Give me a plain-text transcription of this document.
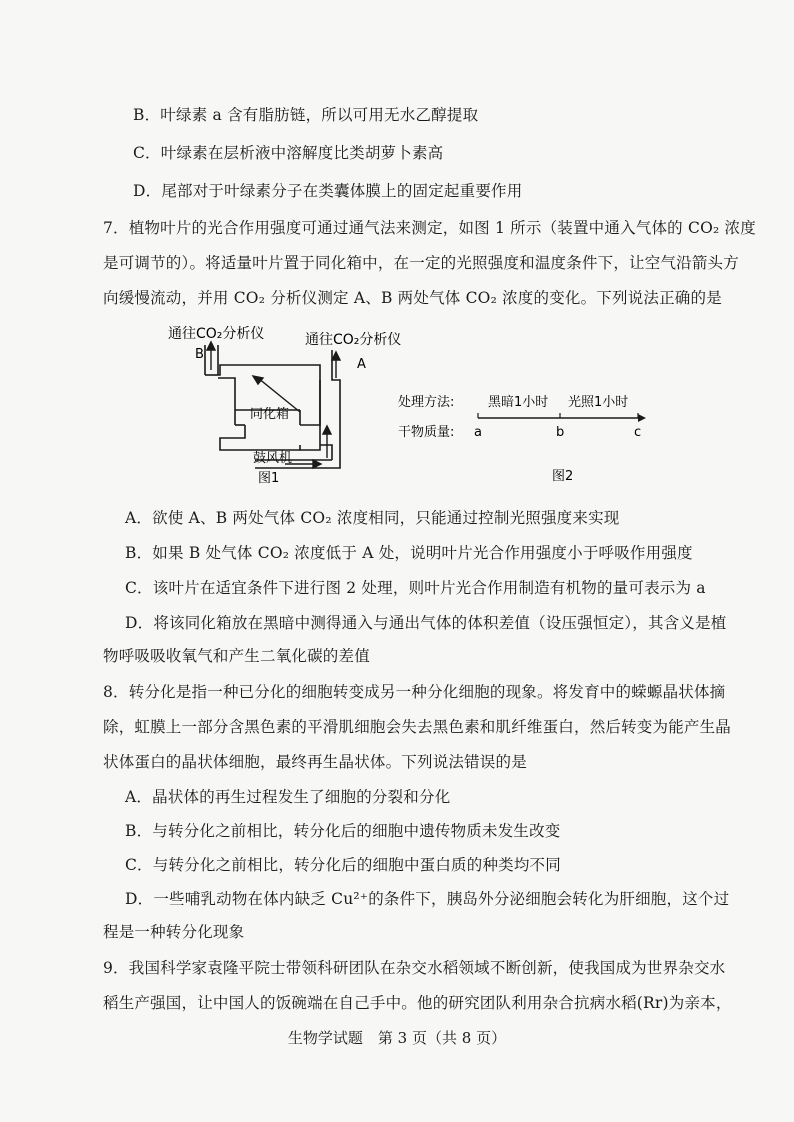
B．叶绿素 a 含有脂肪链，所以可用无水乙醇提取
C．叶绿素在层析液中溶解度比类胡萝卜素高
D．尾部对于叶绿素分子在类囊体膜上的固定起重要作用
7．植物叶片的光合作用强度可通过通气法来测定，如图 1 所示（装置中通入气体的 CO₂ 浓度
是可调节的）。将适量叶片置于同化箱中，在一定的光照强度和温度条件下，让空气沿箭头方
向缓慢流动，并用 CO₂ 分析仪测定 A、B 两处气体 CO₂ 浓度的变化。下列说法正确的是
通往CO₂分析仪	通往CO₂分析仪
B
A
同化箱
鼓风机
图1
处理方法:	黑暗1小时 光照1小时
干物质量: a	b	c
图2
A．欲使 A、B 两处气体 CO₂ 浓度相同，只能通过控制光照强度来实现
B．如果 B 处气体 CO₂ 浓度低于 A 处，说明叶片光合作用强度小于呼吸作用强度
C．该叶片在适宜条件下进行图 2 处理，则叶片光合作用制造有机物的量可表示为 a
D．将该同化箱放在黑暗中测得通入与通出气体的体积差值（设压强恒定），其含义是植
物呼吸吸收氧气和产生二氧化碳的差值
8．转分化是指一种已分化的细胞转变成另一种分化细胞的现象。将发育中的蝾螈晶状体摘
除，虹膜上一部分含黑色素的平滑肌细胞会失去黑色素和肌纤维蛋白，然后转变为能产生晶
状体蛋白的晶状体细胞，最终再生晶状体。下列说法错误的是
A．晶状体的再生过程发生了细胞的分裂和分化
B．与转分化之前相比，转分化后的细胞中遗传物质未发生改变
C．与转分化之前相比，转分化后的细胞中蛋白质的种类均不同
D．一些哺乳动物在体内缺乏 Cu²⁺的条件下，胰岛外分泌细胞会转化为肝细胞，这个过
程是一种转分化现象
9．我国科学家袁隆平院士带领科研团队在杂交水稻领域不断创新，使我国成为世界杂交水
稻生产强国，让中国人的饭碗端在自己手中。他的研究团队利用杂合抗病水稻(Rr)为亲本，
生物学试题　第 3 页（共 8 页）
